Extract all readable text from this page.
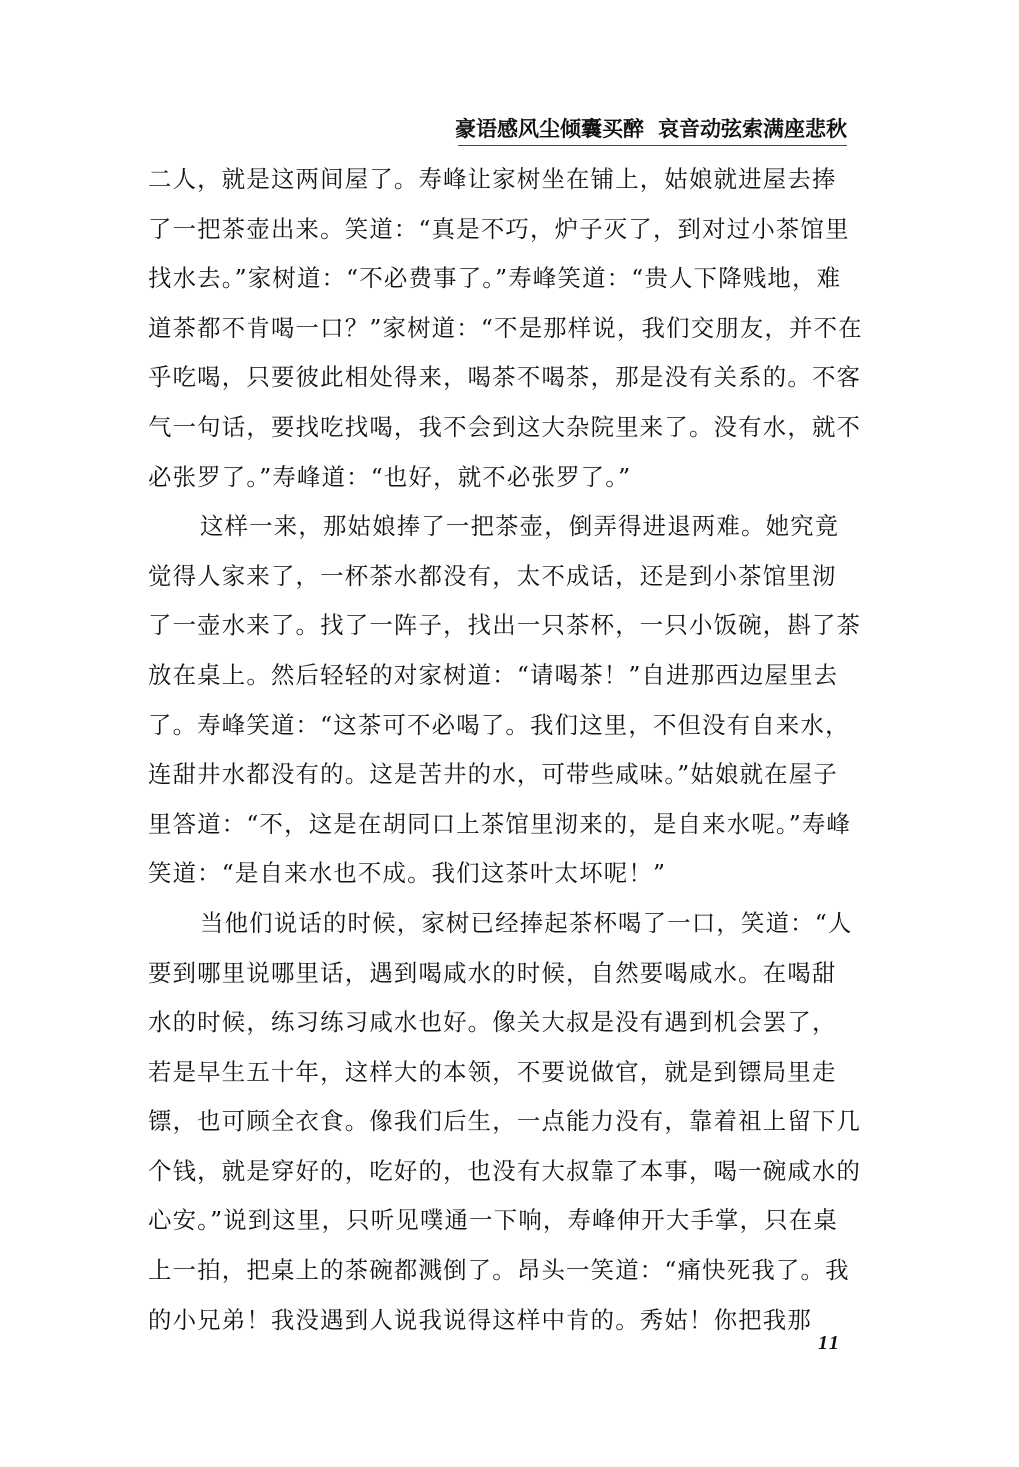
豪语感风尘倾囊买醉 哀音动弦索满座悲秋
二人，就是这两间屋了。寿峰让家树坐在铺上，姑娘就进屋去捧
了一把茶壶出来。笑道：“真是不巧，炉子灭了，到对过小茶馆里
找水去。”家树道：“不必费事了。”寿峰笑道：“贵人下降贱地，难
道茶都不肯喝一口？”家树道：“不是那样说，我们交朋友，并不在
乎吃喝，只要彼此相处得来，喝茶不喝茶，那是没有关系的。不客
气一句话，要找吃找喝，我不会到这大杂院里来了。没有水，就不
必张罗了。”寿峰道：“也好，就不必张罗了。”
这样一来，那姑娘捧了一把茶壶，倒弄得进退两难。她究竟
觉得人家来了，一杯茶水都没有，太不成话，还是到小茶馆里沏
了一壶水来了。找了一阵子，找出一只茶杯，一只小饭碗，斟了茶
放在桌上。然后轻轻的对家树道：“请喝茶！”自进那西边屋里去
了。寿峰笑道：“这茶可不必喝了。我们这里，不但没有自来水，
连甜井水都没有的。这是苦井的水，可带些咸味。”姑娘就在屋子
里答道：“不，这是在胡同口上茶馆里沏来的，是自来水呢。”寿峰
笑道：“是自来水也不成。我们这茶叶太坏呢！”
当他们说话的时候，家树已经捧起茶杯喝了一口，笑道：“人
要到哪里说哪里话，遇到喝咸水的时候，自然要喝咸水。在喝甜
水的时候，练习练习咸水也好。像关大叔是没有遇到机会罢了，
若是早生五十年，这样大的本领，不要说做官，就是到镖局里走
镖，也可顾全衣食。像我们后生，一点能力没有，靠着祖上留下几
个钱，就是穿好的，吃好的，也没有大叔靠了本事，喝一碗咸水的
心安。”说到这里，只听见噗通一下响，寿峰伸开大手掌，只在桌
上一拍，把桌上的茶碗都溅倒了。昂头一笑道：“痛快死我了。我
的小兄弟！我没遇到人说我说得这样中肯的。秀姑！你把我那
11
